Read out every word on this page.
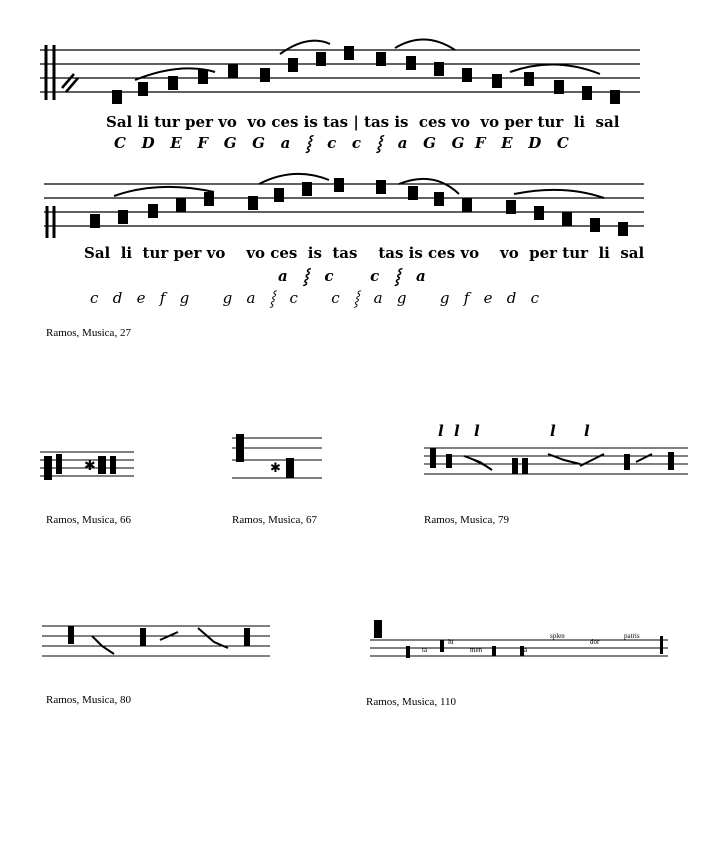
Sal li tur per vo  vo ces is tas | tas is  ces vo  vo per tur  li  sal
C   D   E   F   G   G   a   ⸾   c   c   ⸾   a   G   G  F   E   D   C
Sal  li  tur per vo    vo ces  is  tas    tas is ces vo    vo  per tur  li  sal
a   ⸾   c       c   ⸾   a
c   d   e   f   g       g   a   ⸾   c       c   ⸾   a   g       g   f   e   d   c
Ramos, Musica, 27
✱
Ramos, Musica, 66
✱
Ramos, Musica, 67
l l l	l l
Ramos, Musica, 79
Ramos, Musica, 80
ta
lu
men	ta
splen
dor
patris
Ramos, Musica, 110
